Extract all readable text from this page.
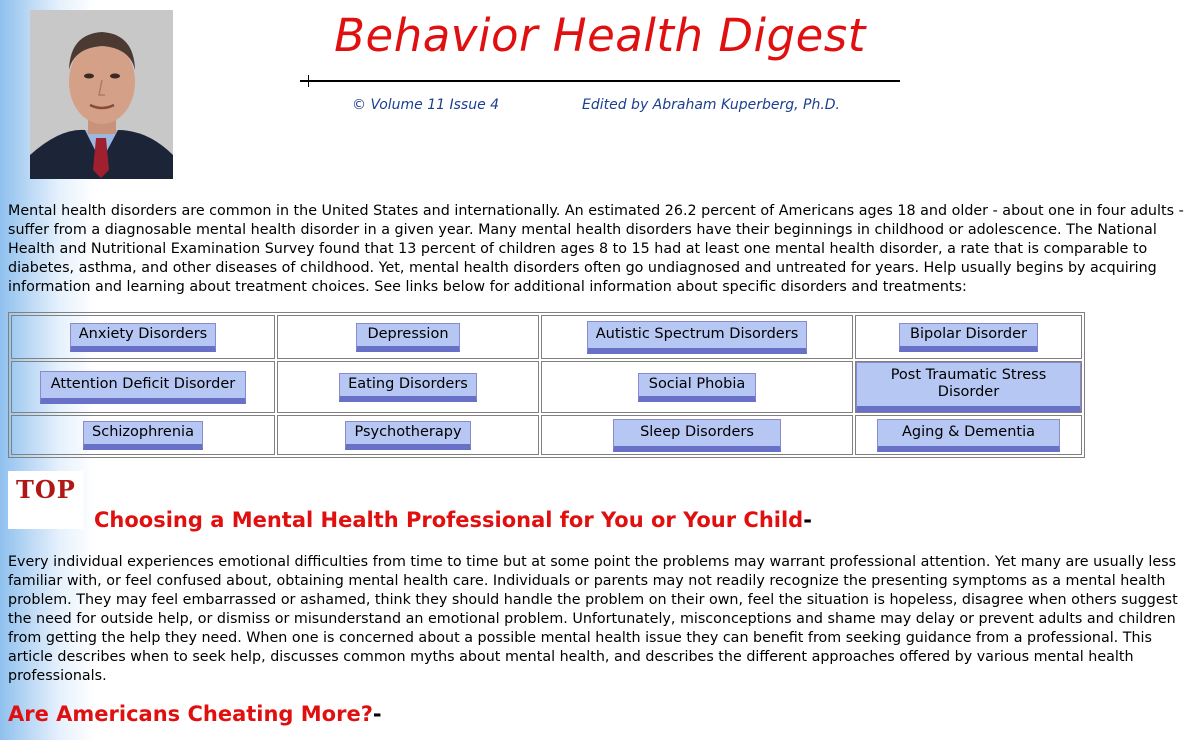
Behavior Health Digest
© Volume 11 Issue 4	Edited by Abraham Kuperberg, Ph.D.

Mental health disorders are common in the United States and internationally. An estimated 26.2 percent of Americans ages 18 and older - about one in four adults - suffer from a diagnosable mental health disorder in a given year. Many mental health disorders have their beginnings in childhood or adolescence. The National Health and Nutritional Examination Survey found that 13 percent of children ages 8 to 15 had at least one mental health disorder, a rate that is comparable to diabetes, asthma, and other diseases of childhood. Yet, mental health disorders often go undiagnosed and untreated for years. Help usually begins by acquiring information and learning about treatment choices. See links below for additional information about specific disorders and treatments:

Anxiety Disorders	Depression	Autistic Spectrum Disorders	Bipolar Disorder
Attention Deficit Disorder	Eating Disorders	Social Phobia	Post Traumatic Stress Disorder
Schizophrenia	Psychotherapy	Sleep Disorders	Aging & Dementia
TOP
Choosing a Mental Health Professional for You or Your Child-

Every individual experiences emotional difficulties from time to time but at some point the problems may warrant professional attention. Yet many are usually less familiar with, or feel confused about, obtaining mental health care. Individuals or parents may not readily recognize the presenting symptoms as a mental health problem. They may feel embarrassed or ashamed, think they should handle the problem on their own, feel the situation is hopeless, disagree when others suggest the need for outside help, or dismiss or misunderstand an emotional problem. Unfortunately, misconceptions and shame may delay or prevent adults and children from getting the help they need. When one is concerned about a possible mental health issue they can benefit from seeking guidance from a professional. This article describes when to seek help, discusses common myths about mental health, and describes the different approaches offered by various mental health professionals.

Are Americans Cheating More?-
